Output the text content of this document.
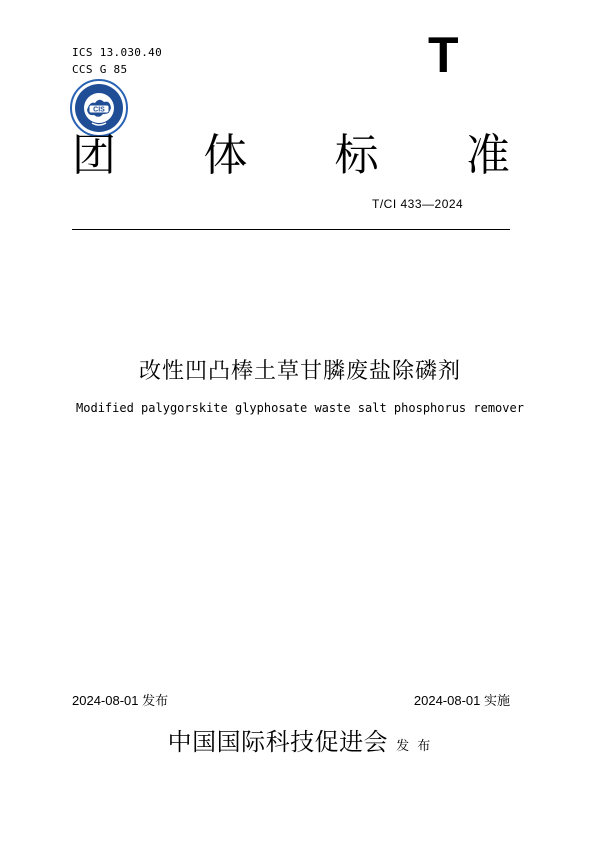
ICS 13.030.40
CCS G 85	T
CIS
团 体 标 准
T/CI 433—2024
改性凹凸棒土草甘膦废盐除磷剂
Modified palygorskite glyphosate waste salt phosphorus remover
2024-08-01 发布	2024-08-01 实施
中国国际科技促进会 发 布
